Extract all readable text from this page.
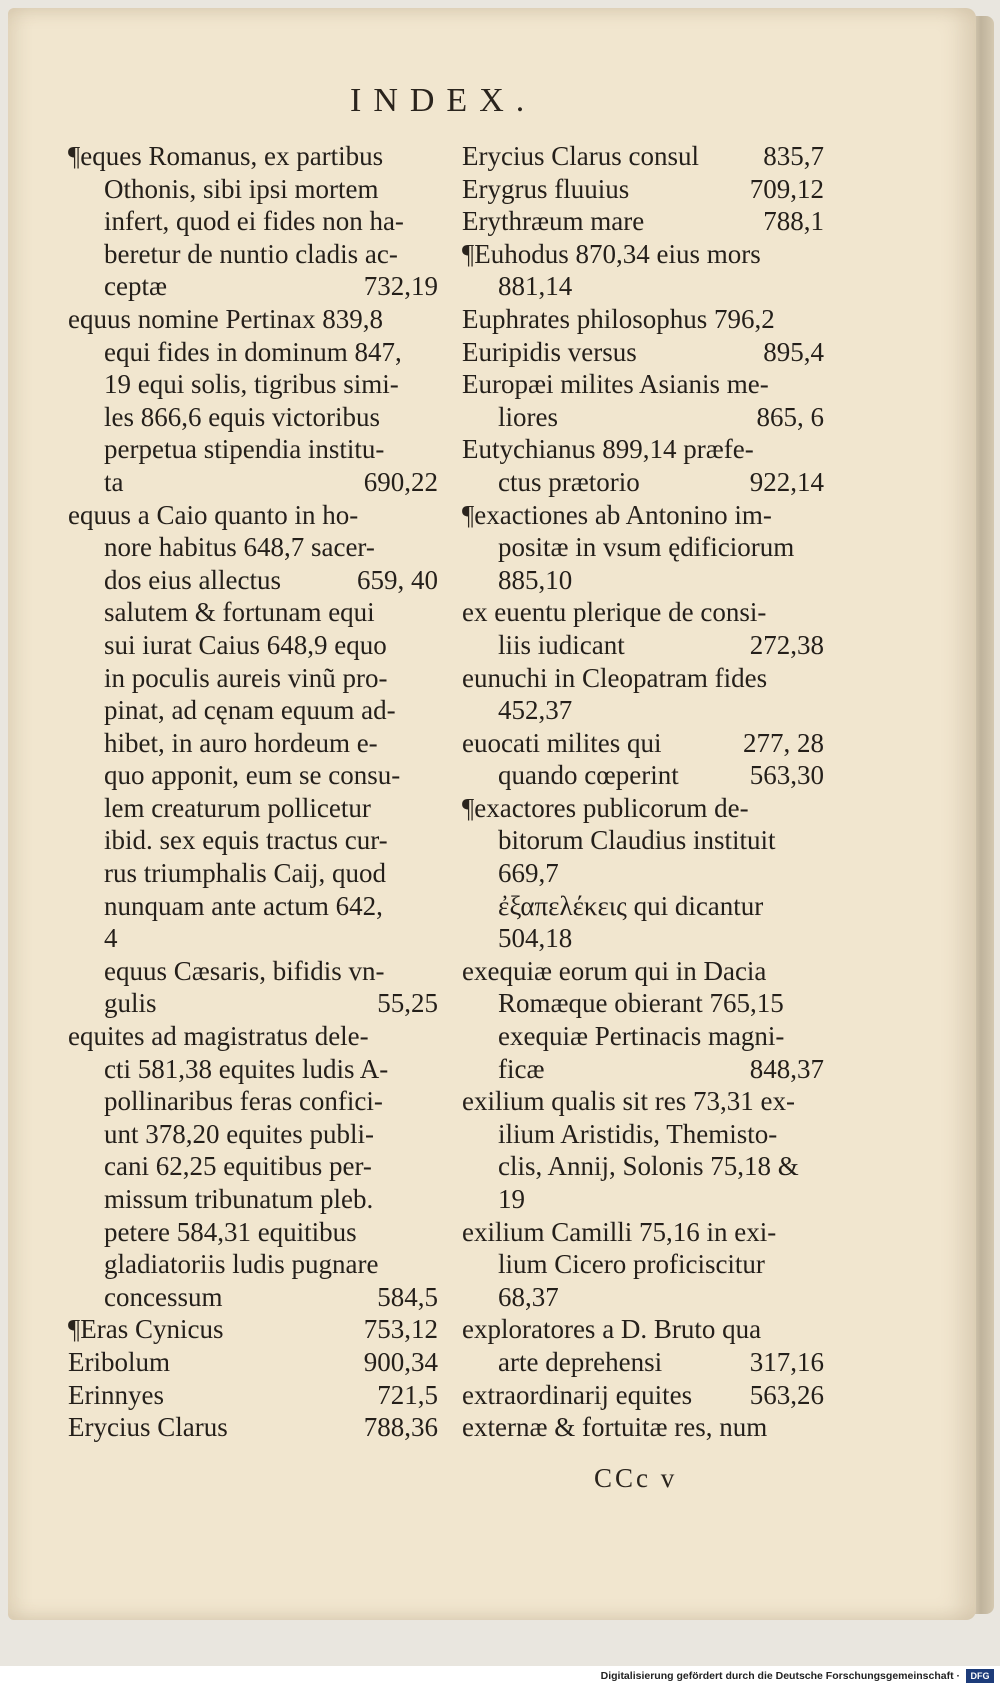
INDEX.
¶ eques Romanus, ex partibus
Othonis, sibi ipsi mortem
infert, quod ei fides non ha-
beretur de nuntio cladis ac-
ceptæ	732,19
equus nomine Pertinax 839,8
equi fides in dominum 847,
19 equi solis, tigribus simi-
les 866,6 equis victoribus
perpetua stipendia institu-
ta	690,22
equus a Caio quanto in ho-
nore habitus 648,7 sacer-
dos eius allectus	659, 40
salutem & fortunam equi
sui iurat Caius 648,9 equo
in poculis aureis vinũ pro-
pinat, ad cęnam equum ad-
hibet, in auro hordeum e-
quo apponit, eum se consu-
lem creaturum pollicetur
ibid. sex equis tractus cur-
rus triumphalis Caij, quod
nunquam ante actum 642,
4
equus Cæsaris, bifidis vn-
gulis	55,25
equites ad magistratus dele-
cti 581,38 equites ludis A-
pollinaribus feras confici-
unt 378,20 equites publi-
cani 62,25 equitibus per-
missum tribunatum pleb.
petere 584,31 equitibus
gladiatoriis ludis pugnare
concessum	584,5
¶ Eras Cynicus	753,12
Eribolum	900,34
Erinnyes	721,5
Erycius Clarus	788,36
Erycius Clarus consul	835,7
Erygrus fluuius	709,12
Erythræum mare	788,1
¶ Euhodus 870,34 eius mors
881,14
Euphrates philosophus 796,2
Euripidis versus	895,4
Europæi milites Asianis me-
liores	865, 6
Eutychianus 899,14 præfe-
ctus prætorio	922,14
¶ exactiones ab Antonino im-
positæ in vsum ędificiorum
885,10
ex euentu plerique de consi-
liis iudicant	272,38
eunuchi in Cleopatram fides
452,37
euocati milites qui	277, 28
quando cœperint	563,30
¶ exactores publicorum de-
bitorum Claudius instituit
669,7
ἐξαπελέκεις qui dicantur
504,18
exequiæ eorum qui in Dacia
Romæque obierant 765,15
exequiæ Pertinacis magni-
ficæ	848,37
exilium qualis sit res 73,31 ex-
ilium Aristidis, Themisto-
clis, Annij, Solonis 75,18 &
19
exilium Camilli 75,16 in exi-
lium Cicero proficiscitur
68,37
exploratores a D. Bruto qua
arte deprehensi	317,16
extraordinarij equites	563,26
externæ & fortuitæ res, num
CCc v
Digitalisierung gefördert durch die Deutsche Forschungsgemeinschaft ·	DFG
